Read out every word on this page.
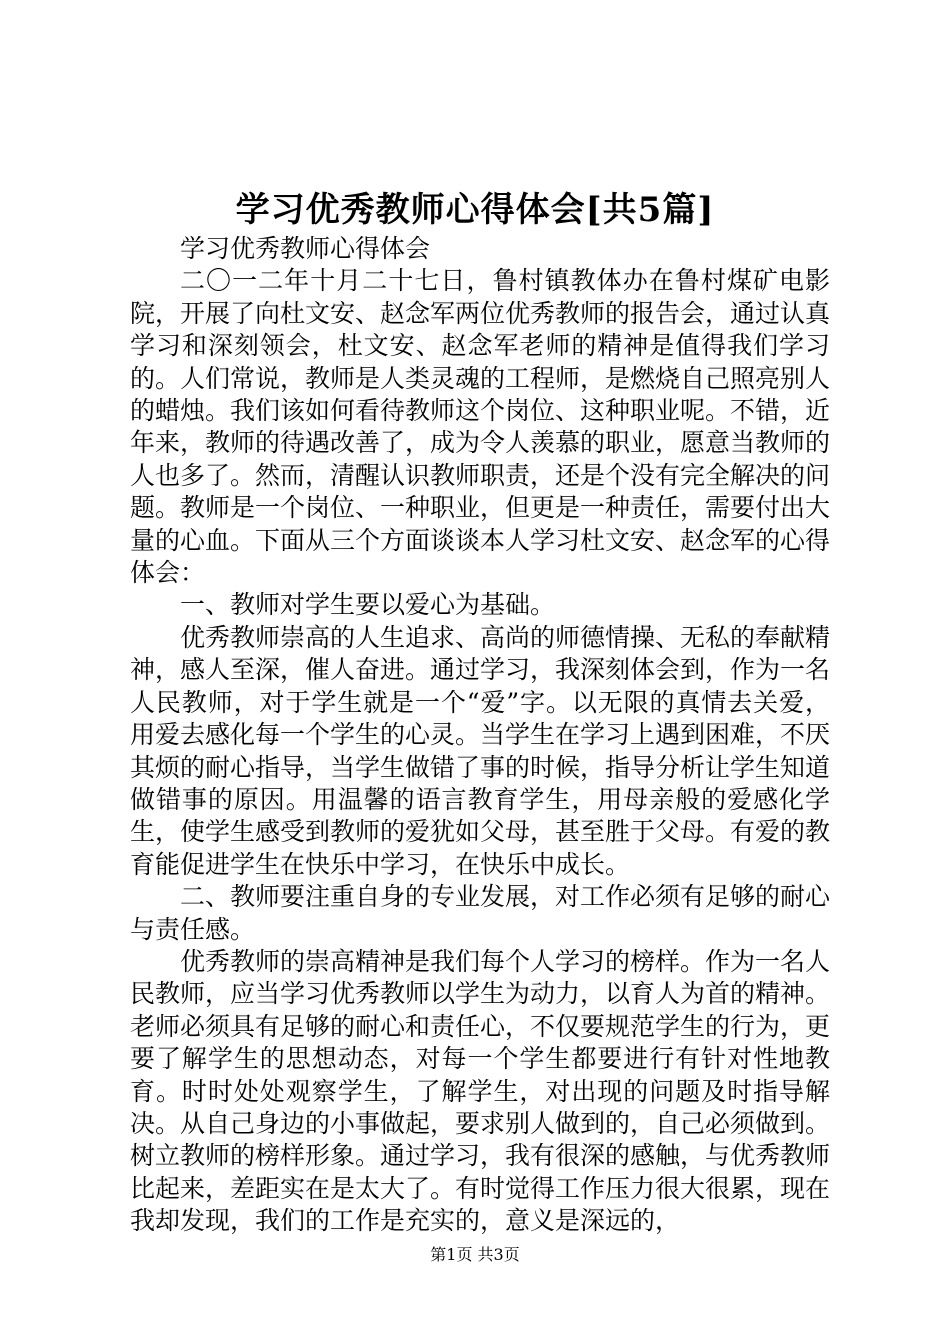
学习优秀教师心得体会[共5篇]

学习优秀教师心得体会

二〇一二年十月二十七日，鲁村镇教体办在鲁村煤矿电影院，开展了向杜文安、赵念军两位优秀教师的报告会，通过认真学习和深刻领会，杜文安、赵念军老师的精神是值得我们学习的。人们常说，教师是人类灵魂的工程师，是燃烧自己照亮别人的蜡烛。我们该如何看待教师这个岗位、这种职业呢。不错，近年来，教师的待遇改善了，成为令人羡慕的职业，愿意当教师的人也多了。然而，清醒认识教师职责，还是个没有完全解决的问题。教师是一个岗位、一种职业，但更是一种责任，需要付出大量的心血。下面从三个方面谈谈本人学习杜文安、赵念军的心得体会：

一、教师对学生要以爱心为基础。

优秀教师崇高的人生追求、高尚的师德情操、无私的奉献精神，感人至深，催人奋进。通过学习，我深刻体会到，作为一名人民教师，对于学生就是一个“爱”字。以无限的真情去关爱，用爱去感化每一个学生的心灵。当学生在学习上遇到困难，不厌其烦的耐心指导，当学生做错了事的时候，指导分析让学生知道做错事的原因。用温馨的语言教育学生，用母亲般的爱感化学生，使学生感受到教师的爱犹如父母，甚至胜于父母。有爱的教育能促进学生在快乐中学习，在快乐中成长。

二、教师要注重自身的专业发展，对工作必须有足够的耐心与责任感。

优秀教师的崇高精神是我们每个人学习的榜样。作为一名人民教师，应当学习优秀教师以学生为动力，以育人为首的精神。老师必须具有足够的耐心和责任心，不仅要规范学生的行为，更要了解学生的思想动态，对每一个学生都要进行有针对性地教育。时时处处观察学生，了解学生，对出现的问题及时指导解决。从自己身边的小事做起，要求别人做到的，自己必须做到。树立教师的榜样形象。通过学习，我有很深的感触，与优秀教师比起来，差距实在是太大了。有时觉得工作压力很大很累，现在我却发现，我们的工作是充实的，意义是深远的，

第1页 共3页
